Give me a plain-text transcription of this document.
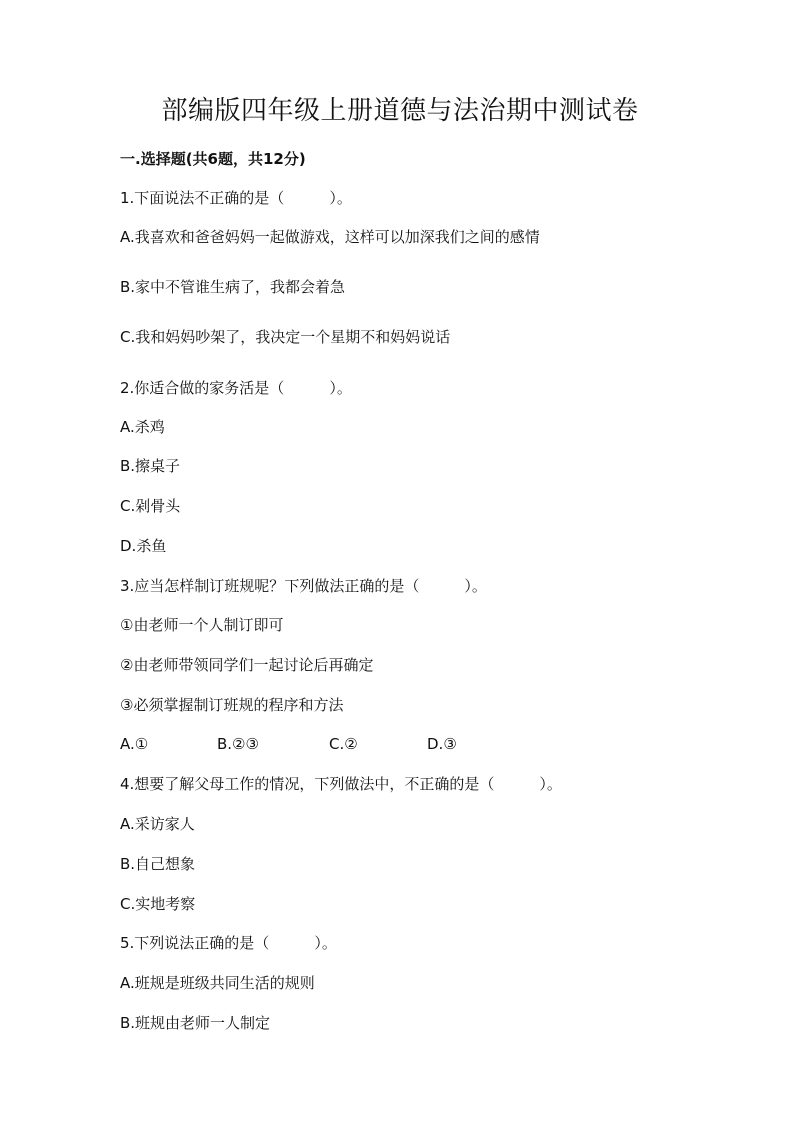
部编版四年级上册道德与法治期中测试卷
一.选择题(共6题，共12分)
1.下面说法不正确的是（　　　）。
A.我喜欢和爸爸妈妈一起做游戏，这样可以加深我们之间的感情
B.家中不管谁生病了，我都会着急
C.我和妈妈吵架了，我决定一个星期不和妈妈说话
2.你适合做的家务活是（　　　）。
A.杀鸡
B.擦桌子
C.剁骨头
D.杀鱼
3.应当怎样制订班规呢？下列做法正确的是（　　　）。
①由老师一个人制订即可
②由老师带领同学们一起讨论后再确定
③必须掌握制订班规的程序和方法
A.①	B.②③	C.②	D.③
4.想要了解父母工作的情况，下列做法中，不正确的是（　　　）。
A.采访家人
B.自己想象
C.实地考察
5.下列说法正确的是（　　　）。
A.班规是班级共同生活的规则
B.班规由老师一人制定
